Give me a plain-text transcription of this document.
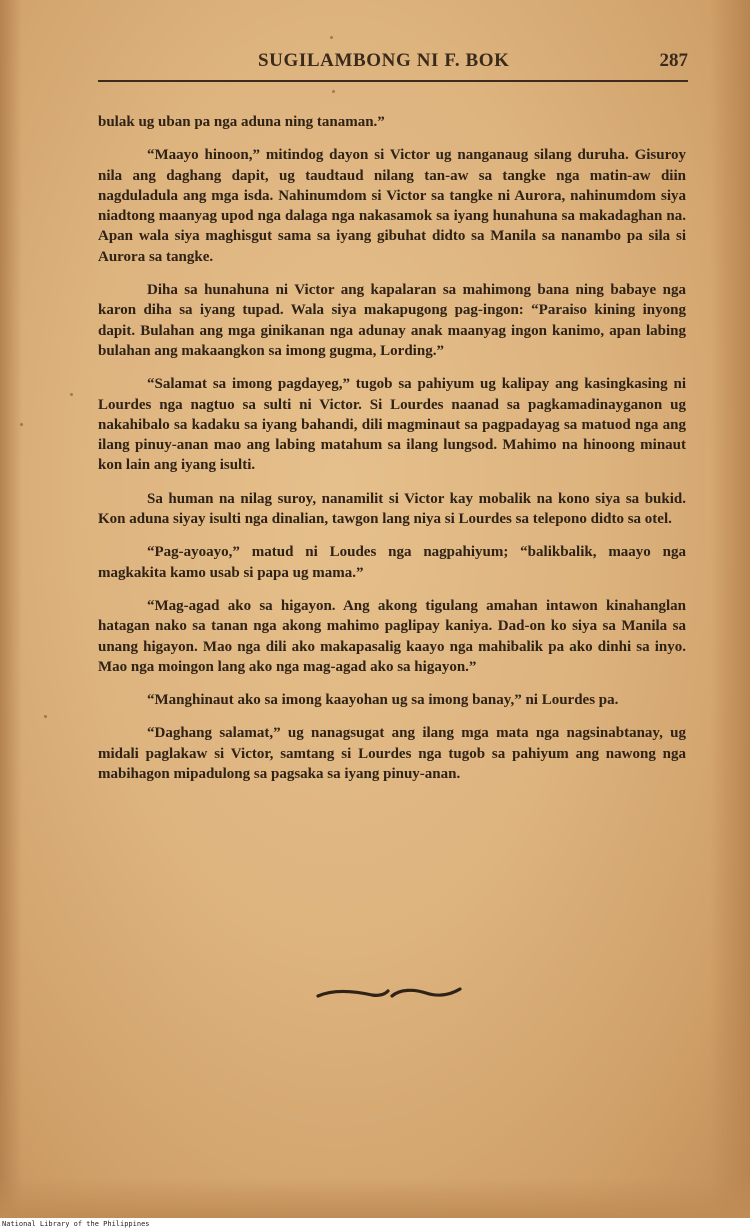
SUGILAMBONG NI F. BOK	287

bulak ug uban pa nga aduna ning tanaman.”

“Maayo hinoon,” mitindog dayon si Victor ug nanganaug silang duruha. Gisuroy nila ang daghang dapit, ug taudtaud nilang tan-aw sa tangke nga matin-aw diin nagduladula ang mga isda. Nahinumdom si Victor sa tangke ni Aurora, nahinumdom siya niadtong maanyag upod nga dalaga nga nakasamok sa iyang hunahuna sa makadaghan na. Apan wala siya maghisgut sama sa iyang gibuhat didto sa Manila sa nanambo pa sila si Aurora sa tangke.

Diha sa hunahuna ni Victor ang kapalaran sa mahimong bana ning babaye nga karon diha sa iyang tupad. Wala siya makapugong pag-ingon: “Paraiso kining inyong dapit. Bulahan ang mga ginikanan nga adunay anak maanyag ingon kanimo, apan labing bulahan ang makaangkon sa imong gugma, Lording.”

“Salamat sa imong pagdayeg,” tugob sa pahiyum ug kalipay ang kasingkasing ni Lourdes nga nagtuo sa sulti ni Victor. Si Lourdes naanad sa pagkamadinayganon ug nakahibalo sa kadaku sa iyang bahandi, dili magminaut sa pagpadayag sa matuod nga ang ilang pinuy-anan mao ang labing matahum sa ilang lungsod. Mahimo na hinoong minaut kon lain ang iyang isulti.

Sa human na nilag suroy, nanamilit si Victor kay mobalik na kono siya sa bukid. Kon aduna siyay isulti nga dinalian, tawgon lang niya si Lourdes sa telepono didto sa otel.

“Pag-ayoayo,” matud ni Loudes nga nagpahiyum; “balikbalik, maayo nga magkakita kamo usab si papa ug mama.”

“Mag-agad ako sa higayon. Ang akong tigulang amahan intawon kinahanglan hatagan nako sa tanan nga akong mahimo paglipay kaniya. Dad-on ko siya sa Manila sa unang higayon. Mao nga dili ako makapasalig kaayo nga mahibalik pa ako dinhi sa inyo. Mao nga moingon lang ako nga mag-agad ako sa higayon.”

“Manghinaut ako sa imong kaayohan ug sa imong banay,” ni Lourdes pa.

“Daghang salamat,” ug nanagsugat ang ilang mga mata nga nagsinabtanay, ug midali paglakaw si Victor, samtang si Lourdes nga tugob sa pahiyum ang nawong nga mabihagon mipadulong sa pagsaka sa iyang pinuy-anan.

National Library of the Philippines
